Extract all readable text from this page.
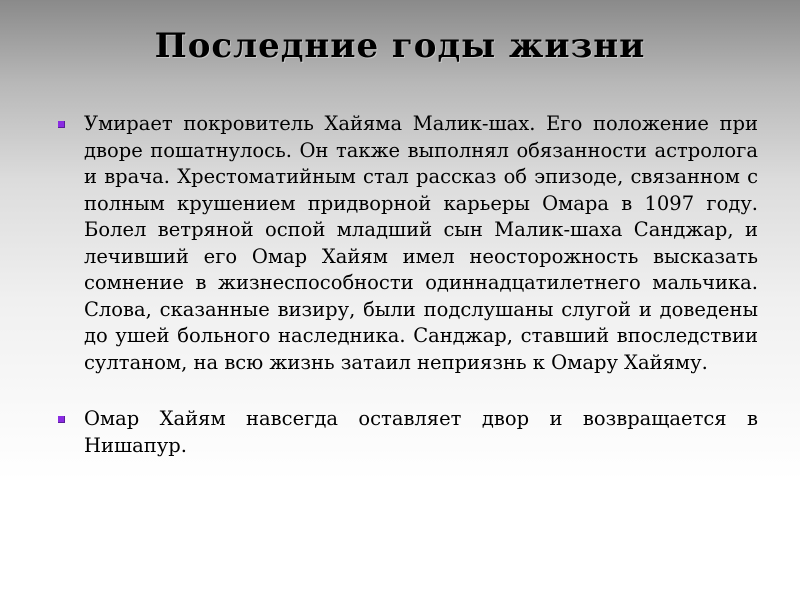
Последние годы жизни
Умирает покровитель Хайяма Малик-шах. Его положение при дворе пошатнулось. Он также выполнял обязанности астролога и врача. Хрестоматийным стал рассказ об эпизоде, связанном с полным крушением придворной карьеры Омара в 1097 году. Болел ветряной оспой младший сын Малик-шаха Санджар, и лечивший его Омар Хайям имел неосторожность высказать сомнение в жизнеспособности одиннадцатилетнего мальчика. Слова, сказанные визиру, были подслушаны слугой и доведены до ушей больного наследника. Санджар, ставший впоследствии султаном, на всю жизнь затаил неприязнь к Омару Хайяму.
Омар Хайям навсегда оставляет двор и возвращается в Нишапур.
